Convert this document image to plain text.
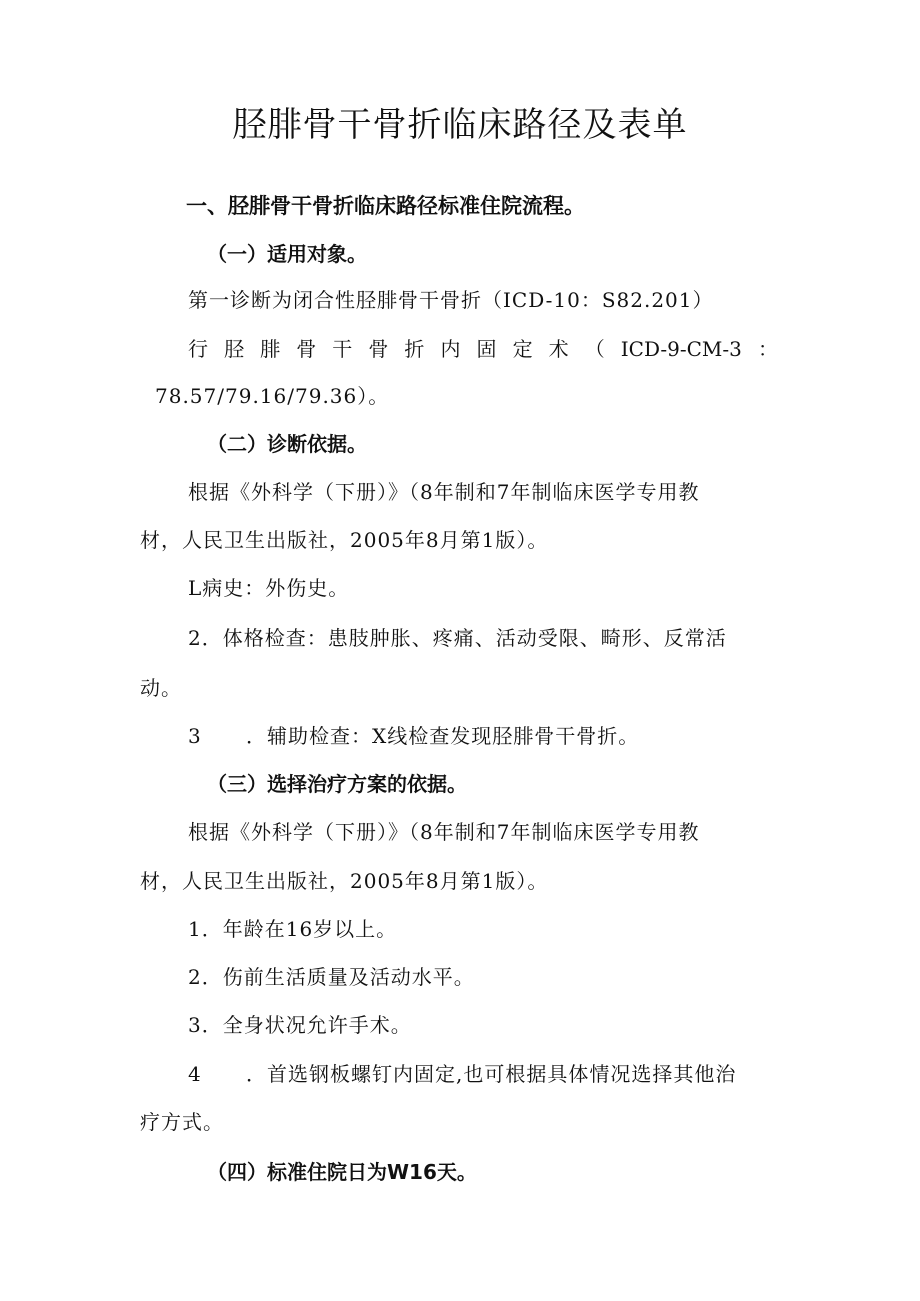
胫腓骨干骨折临床路径及表单
一、胫腓骨干骨折临床路径标准住院流程。
（一）适用对象。
第一诊断为闭合性胫腓骨干骨折（ICD-10：S82.201）
行 胫 腓 骨 干 骨 折 内 固 定 术 （ ICD-9-CM-3 ：
78.57/79.16/79.36）。
（二）诊断依据。
根据《外科学（下册）》（8年制和7年制临床医学专用教
材，人民卫生出版社，2005年8月第1版）。
L病史：外伤史。
2．体格检查：患肢肿胀、疼痛、活动受限、畸形、反常活
动。
3 ．辅助检查：X线检查发现胫腓骨干骨折。
（三）选择治疗方案的依据。
根据《外科学（下册）》（8年制和7年制临床医学专用教
材，人民卫生出版社，2005年8月第1版）。
1．年龄在16岁以上。
2．伤前生活质量及活动水平。
3．全身状况允许手术。
4 ．首选钢板螺钉内固定,也可根据具体情况选择其他治
疗方式。
（四）标准住院日为W16天。
